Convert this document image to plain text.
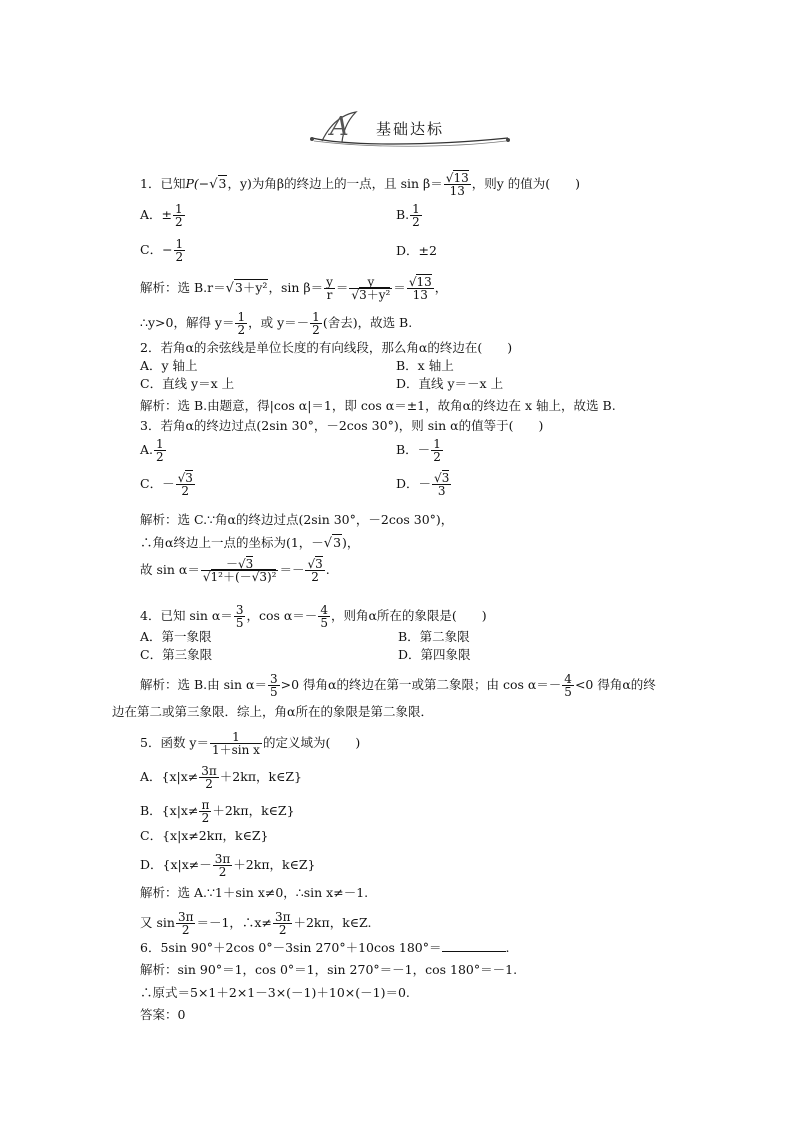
A 基础达标
1．已知P(−√3，y)为角β的终边上的一点，且 $\sin \beta= \frac{√13}{13}$ ，则y 的值为(　　)
A．± $\frac{1}{2}$	B. $\frac{1}{2}$
C．− $\frac{1}{2}$	D．±2
解析：选 B.r＝√3＋y²，$\sin \beta= \frac{y}{r} = \frac{y}{\text{√3＋y²}} = \frac{√13}{13}$ ，
∴y>0，解得 $y= \frac{1}{2}$ ，或 $y=- \frac{1}{2}$ (舍去)，故选 B.
2．若角α的余弦线是单位长度的有向线段，那么角α的终边在(　　)
A．y 轴上	B．x 轴上
C．直线 y＝x 上	D．直线 y＝－x 上
解析：选 B.由题意，得|cos α|＝1，即 cos α＝±1，故角α的终边在 x 轴上，故选 B.
3．若角α的终边过点(2sin 30°，－2cos 30°)，则 sin α的值等于(　　)
A. $\frac{1}{2}$	B．－ $\frac{1}{2}$
C．－ $\frac{√3}{2}$	D．－ $\frac{√3}{3}$
解析：选 C.∵角α的终边过点(2sin 30°，－2cos 30°)，
∴角α终边上一点的坐标为(1，－√3)，
故 $\sin \alpha= \frac{-√3}{\text{√1²＋(－√3)²}} =- \frac{√3}{2}$ .
4．已知 $\sin \alpha= \frac{3}{5}$ ，$\cos \alpha=- \frac{4}{5}$ ，则角α所在的象限是(　　)
A．第一象限	B．第二象限
C．第三象限	D．第四象限
解析：选 B.由 $\sin \alpha= \frac{3}{5} >0$ 得角α的终边在第一或第二象限；由 $\cos \alpha=- \frac{4}{5} <0$ 得角α的终
边在第二或第三象限．综上，角α所在的象限是第二象限．
5．函数 $y= \frac{1}{\text{1＋sin x}}$ 的定义域为(　　)
A．{$x|x\ne \frac{3\pi}{2} +2k\pi$，k∈Z}
B．{$x|x\ne \frac{\pi}{2} +2k\pi$，k∈Z}
C．{x|x≠2kπ，k∈Z}
D．{$x|x\ne- \frac{3\pi}{2} +2k\pi$，k∈Z}
解析：选 A.∵1＋sin x≠0，∴sin x≠－1.
又 $\sin \frac{3\pi}{2} =-1$，∴x≠ $\frac{3\pi}{2} +2k\pi$，k∈Z.
6．5sin 90°＋2cos 0°－3sin 270°＋10cos 180°＝	.
解析：sin 90°＝1，cos 0°＝1，sin 270°＝－1，cos 180°＝－1.
∴原式＝5×1＋2×1－3×(－1)＋10×(－1)＝0.
答案：0
